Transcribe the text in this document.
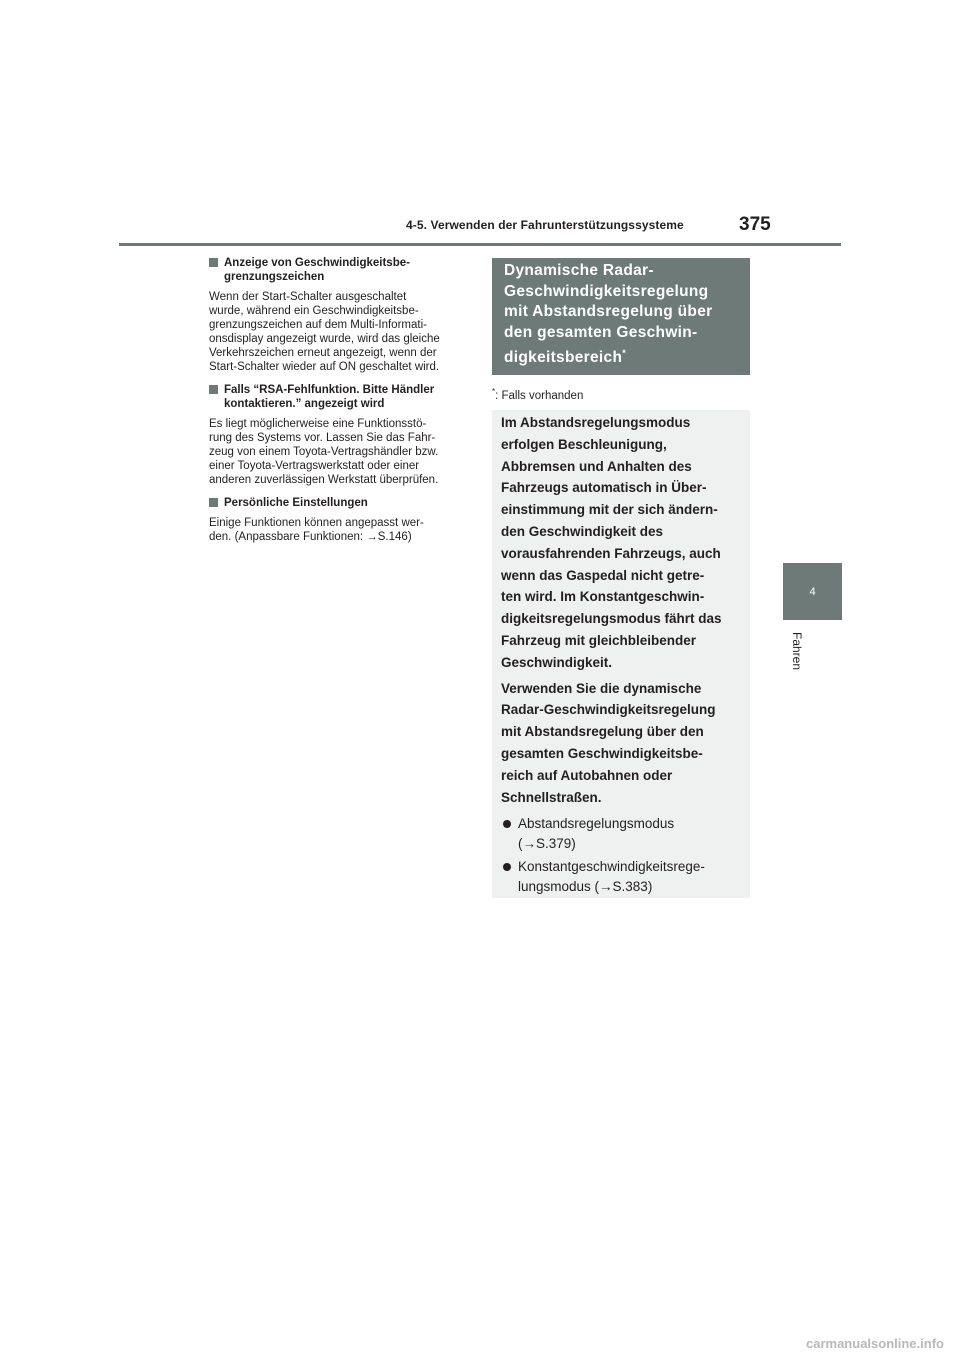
4-5. Verwenden der Fahrunterstützungssysteme	375
4
Fahren
Anzeige von Geschwindigkeitsbe-
grenzungszeichen
Wenn der Start-Schalter ausgeschaltet
wurde, während ein Geschwindigkeitsbe-
grenzungszeichen auf dem Multi-Informati-
onsdisplay angezeigt wurde, wird das gleiche
Verkehrszeichen erneut angezeigt, wenn der
Start-Schalter wieder auf ON geschaltet wird.
Falls “RSA-Fehlfunktion. Bitte Händler
kontaktieren.” angezeigt wird
Es liegt möglicherweise eine Funktionsstö-
rung des Systems vor. Lassen Sie das Fahr-
zeug von einem Toyota-Vertragshändler bzw.
einer Toyota-Vertragswerkstatt oder einer
anderen zuverlässigen Werkstatt überprüfen.
Persönliche Einstellungen
Einige Funktionen können angepasst wer-
den. (Anpassbare Funktionen: →S.146)
Dynamische Radar-
Geschwindigkeitsregelung
mit Abstandsregelung über
den gesamten Geschwin-
digkeitsbereich*
*: Falls vorhanden

Im Abstandsregelungsmodus
erfolgen Beschleunigung,
Abbremsen und Anhalten des
Fahrzeugs automatisch in Über-
einstimmung mit der sich ändern-
den Geschwindigkeit des
vorausfahrenden Fahrzeugs, auch
wenn das Gaspedal nicht getre-
ten wird. Im Konstantgeschwin-
digkeitsregelungsmodus fährt das
Fahrzeug mit gleichbleibender
Geschwindigkeit.

Verwenden Sie die dynamische
Radar-Geschwindigkeitsregelung
mit Abstandsregelung über den
gesamten Geschwindigkeitsbe-
reich auf Autobahnen oder
Schnellstraßen.

Abstandsregelungsmodus
(→S.379)
Konstantgeschwindigkeitsrege-
lungsmodus (→S.383)
carmanualsonline.info
